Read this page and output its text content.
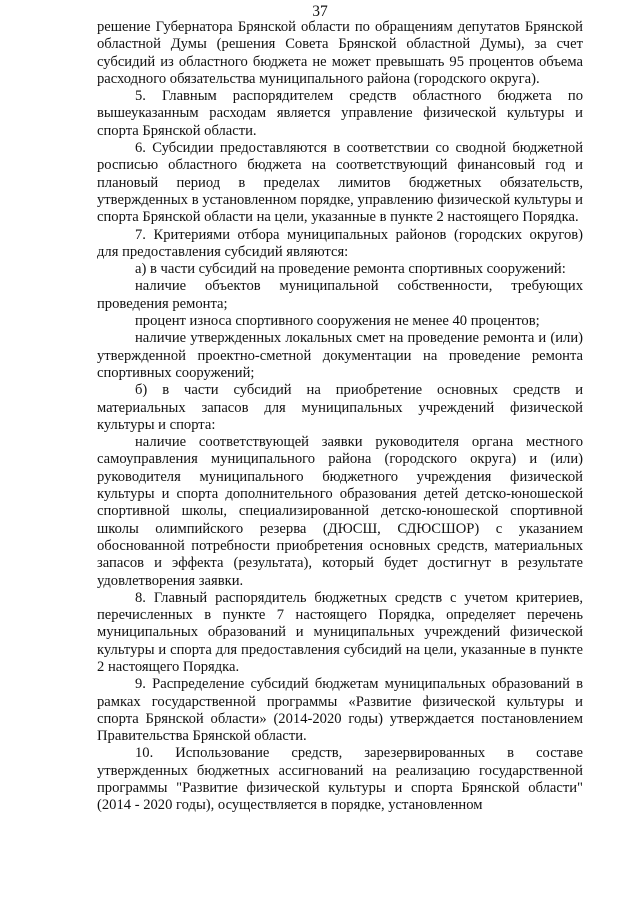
37

решение Губернатора Брянской области по обращениям депутатов Брянской областной Думы (решения Совета Брянской областной Думы), за счет субсидий из областного бюджета не может превышать 95 процентов объема расходного обязательства муниципального района (городского округа).

5. Главным распорядителем средств областного бюджета по вышеуказанным расходам является управление физической культуры и спорта Брянской области.

6. Субсидии предоставляются в соответствии со сводной бюджетной росписью областного бюджета на соответствующий финансовый год и плановый период в пределах лимитов бюджетных обязательств, утвержденных в установленном порядке, управлению физической культуры и спорта Брянской области на цели, указанные в пункте 2 настоящего Порядка.

7. Критериями отбора муниципальных районов (городских округов) для предоставления субсидий являются:

а) в части субсидий на проведение ремонта спортивных сооружений:

наличие объектов муниципальной собственности, требующих проведения ремонта;

процент износа спортивного сооружения не менее 40 процентов;

наличие утвержденных локальных смет на проведение ремонта и (или) утвержденной проектно-сметной документации на проведение ремонта спортивных сооружений;

б) в части субсидий на приобретение основных средств и материальных запасов для муниципальных учреждений физической культуры и спорта:

наличие соответствующей заявки руководителя органа местного самоуправления муниципального района (городского округа) и (или) руководителя муниципального бюджетного учреждения физической культуры и спорта дополнительного образования детей детско-юношеской спортивной школы, специализированной детско-юношеской спортивной школы олимпийского резерва (ДЮСШ, СДЮСШОР) с указанием обоснованной потребности приобретения основных средств, материальных запасов и эффекта (результата), который будет достигнут в результате удовлетворения заявки.

8. Главный распорядитель бюджетных средств с учетом критериев, перечисленных в пункте 7 настоящего Порядка, определяет перечень муниципальных образований и муниципальных учреждений физической культуры и спорта для предоставления субсидий на цели, указанные в пункте 2 настоящего Порядка.

9. Распределение субсидий бюджетам муниципальных образований в рамках государственной программы «Развитие физической культуры и спорта Брянской области» (2014-2020 годы) утверждается постановлением Правительства Брянской области.

10. Использование средств, зарезервированных в составе утвержденных бюджетных ассигнований на реализацию государственной программы "Развитие физической культуры и спорта Брянской области" (2014 - 2020 годы), осуществляется в порядке, установленном
